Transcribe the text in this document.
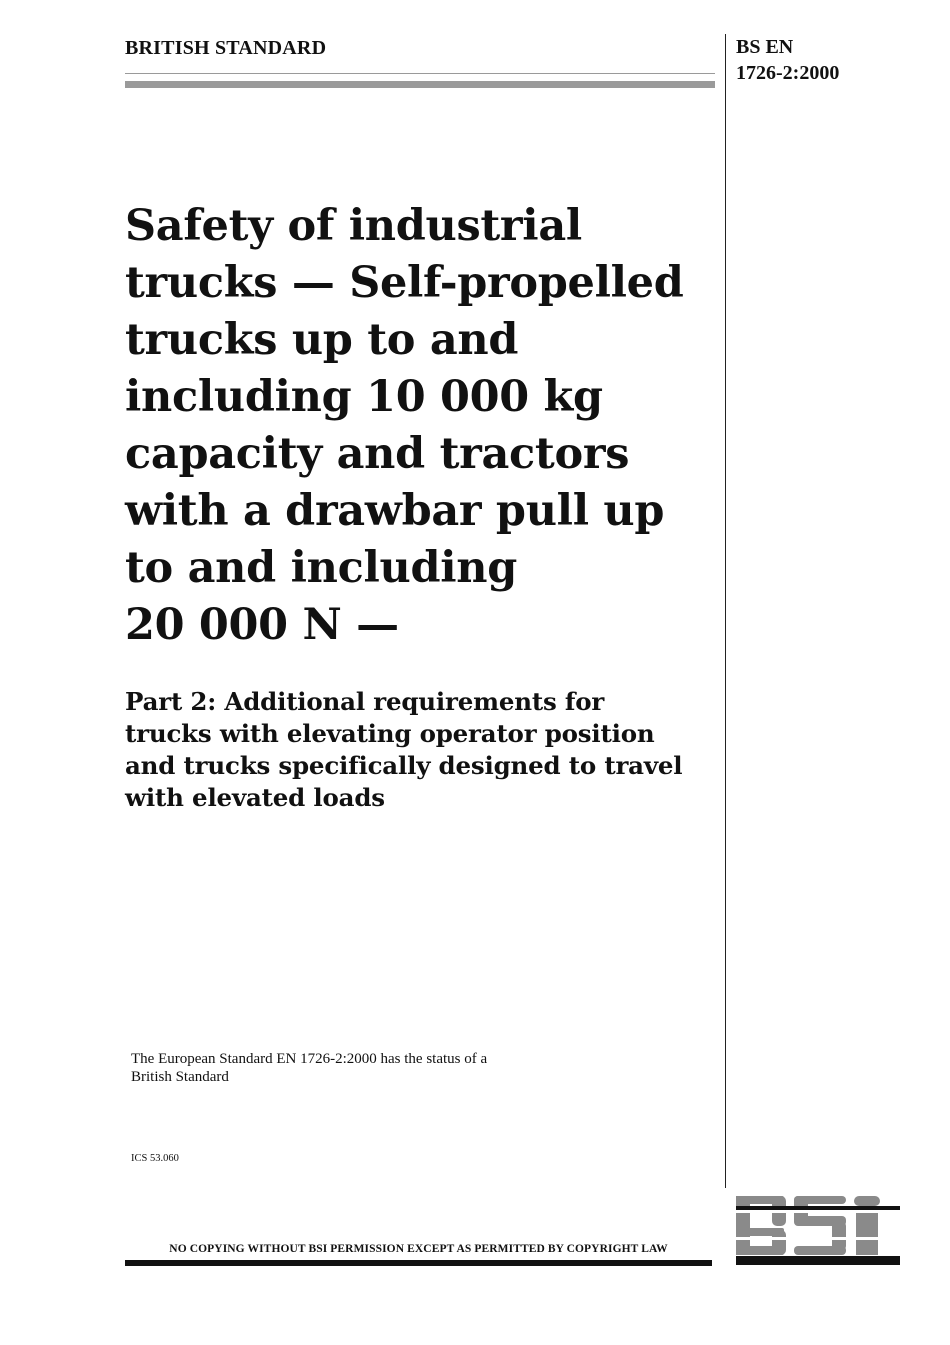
BRITISH STANDARD	BS EN
1726-2:2000
Safety of industrial
trucks — Self-propelled
trucks up to and
including 10 000 kg
capacity and tractors
with a drawbar pull up
to and including
20 000 N —
Part 2: Additional requirements for
trucks with elevating operator position
and trucks specifically designed to travel
with elevated loads
The European Standard EN 1726-2:2000 has the status of a
British Standard
ICS 53.060
NO COPYING WITHOUT BSI PERMISSION EXCEPT AS PERMITTED BY COPYRIGHT LAW
BSI
